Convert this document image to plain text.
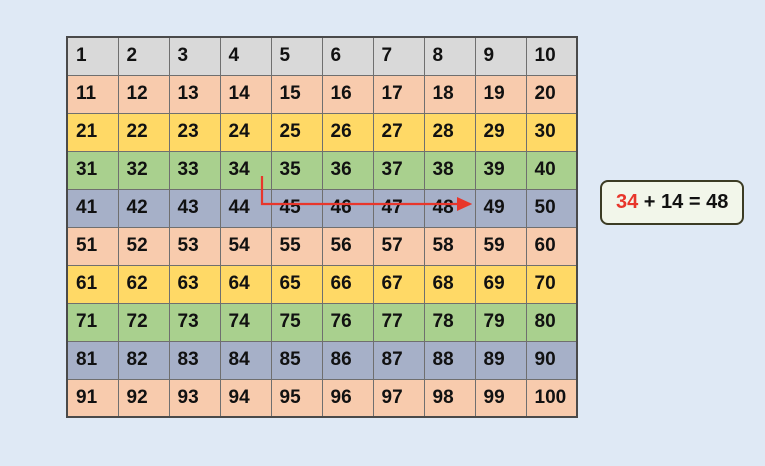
1	2	3	4	5	6	7	8	9	10
11	12	13	14	15	16	17	18	19	20
21	22	23	24	25	26	27	28	29	30
31	32	33	34	35	36	37	38	39	40
41	42	43	44	45	46	47	48	49	50
51	52	53	54	55	56	57	58	59	60
61	62	63	64	65	66	67	68	69	70
71	72	73	74	75	76	77	78	79	80
81	82	83	84	85	86	87	88	89	90
91	92	93	94	95	96	97	98	99	100
34 + 14 = 48
